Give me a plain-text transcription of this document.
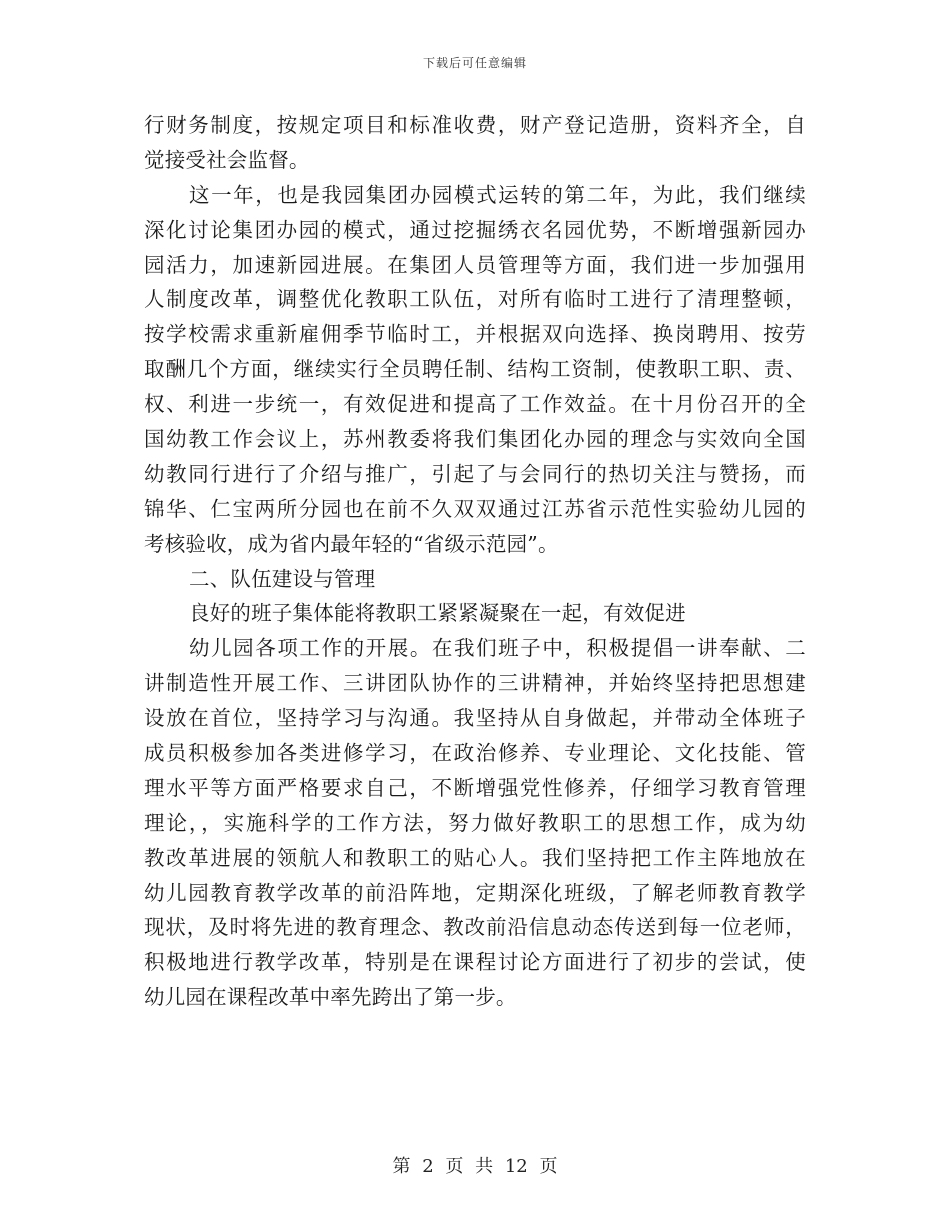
下载后可任意编辑
行财务制度，按规定项目和标准收费，财产登记造册，资料齐全，自
觉接受社会监督。
这一年，也是我园集团办园模式运转的第二年，为此，我们继续
深化讨论集团办园的模式，通过挖掘绣衣名园优势，不断增强新园办
园活力，加速新园进展。在集团人员管理等方面，我们进一步加强用
人制度改革，调整优化教职工队伍，对所有临时工进行了清理整顿，
按学校需求重新雇佣季节临时工，并根据双向选择、换岗聘用、按劳
取酬几个方面，继续实行全员聘任制、结构工资制，使教职工职、责、
权、利进一步统一，有效促进和提高了工作效益。在十月份召开的全
国幼教工作会议上，苏州教委将我们集团化办园的理念与实效向全国
幼教同行进行了介绍与推广，引起了与会同行的热切关注与赞扬，而
锦华、仁宝两所分园也在前不久双双通过江苏省示范性实验幼儿园的
考核验收，成为省内最年轻的“省级示范园”。
二、队伍建设与管理
良好的班子集体能将教职工紧紧凝聚在一起，有效促进
幼儿园各项工作的开展。在我们班子中，积极提倡一讲奉献、二
讲制造性开展工作、三讲团队协作的三讲精神，并始终坚持把思想建
设放在首位，坚持学习与沟通。我坚持从自身做起，并带动全体班子
成员积极参加各类进修学习，在政治修养、专业理论、文化技能、管
理水平等方面严格要求自己，不断增强党性修养，仔细学习教育管理
理论，，实施科学的工作方法，努力做好教职工的思想工作，成为幼
教改革进展的领航人和教职工的贴心人。我们坚持把工作主阵地放在
幼儿园教育教学改革的前沿阵地，定期深化班级，了解老师教育教学
现状，及时将先进的教育理念、教改前沿信息动态传送到每一位老师，
积极地进行教学改革，特别是在课程讨论方面进行了初步的尝试，使
幼儿园在课程改革中率先跨出了第一步。
第 2 页 共 12 页
